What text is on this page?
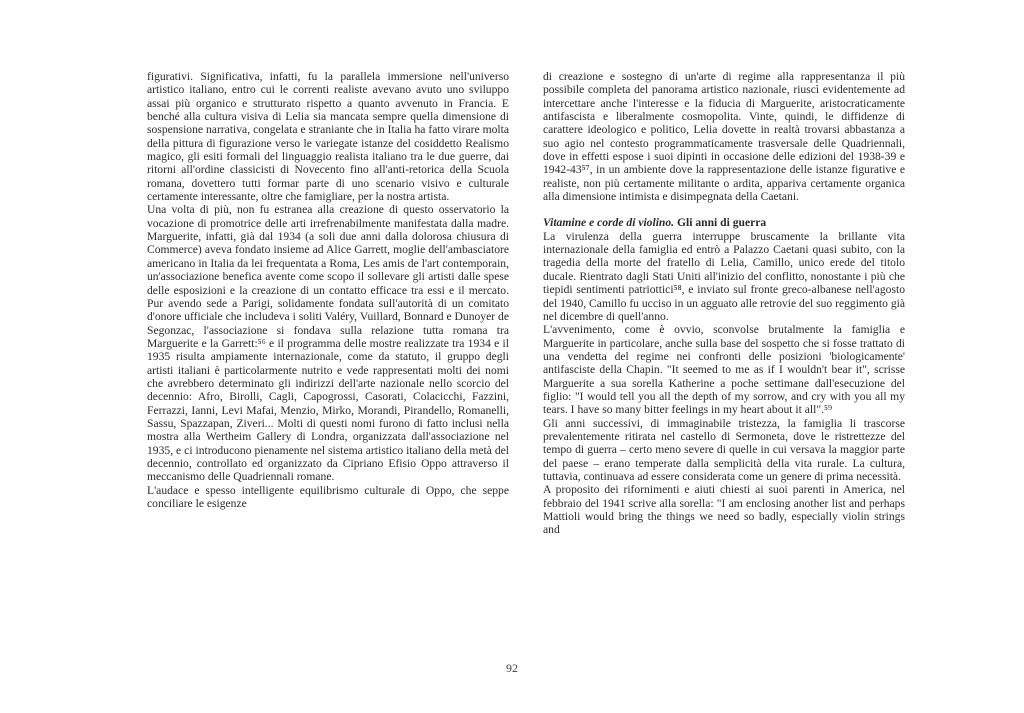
figurativi. Significativa, infatti, fu la parallela immersione nell'universo artistico italiano, entro cui le correnti realiste avevano avuto uno sviluppo assai più organico e strutturato rispetto a quanto avvenuto in Francia. E benché alla cultura visiva di Lelia sia mancata sempre quella dimensione di sospensione narrativa, congelata e straniante che in Italia ha fatto virare molta della pittura di figurazione verso le variegate istanze del cosiddetto Realismo magico, gli esiti formali del linguaggio realista italiano tra le due guerre, dai ritorni all'ordine classicisti di Novecento fino all'anti-retorica della Scuola romana, dovettero tutti formar parte di uno scenario visivo e culturale certamente interessante, oltre che famigliare, per la nostra artista.

Una volta di più, non fu estranea alla creazione di questo osservatorio la vocazione di promotrice delle arti irrefrenabilmente manifestata dalla madre. Marguerite, infatti, già dal 1934 (a soli due anni dalla dolorosa chiusura di Commerce) aveva fondato insieme ad Alice Garrett, moglie dell'ambasciatore americano in Italia da lei frequentata a Roma, Les amis de l'art contemporain, un'associazione benefica avente come scopo il sollevare gli artisti dalle spese delle esposizioni e la creazione di un contatto efficace tra essi e il mercato. Pur avendo sede a Parigi, solidamente fondata sull'autorità di un comitato d'onore ufficiale che includeva i soliti Valéry, Vuillard, Bonnard e Dunoyer de Segonzac, l'associazione si fondava sulla relazione tutta romana tra Marguerite e la Garrett:⁵⁶ e il programma delle mostre realizzate tra 1934 e il 1935 risulta ampiamente internazionale, come da statuto, il gruppo degli artisti italiani è particolarmente nutrito e vede rappresentati molti dei nomi che avrebbero determinato gli indirizzi dell'arte nazionale nello scorcio del decennio: Afro, Birolli, Cagli, Capogrossi, Casorati, Colacicchi, Fazzini, Ferrazzi, Ianni, Levi Mafai, Menzio, Mirko, Morandi, Pirandello, Romanelli, Sassu, Spazzapan, Ziveri... Molti di questi nomi furono di fatto inclusi nella mostra alla Wertheim Gallery di Londra, organizzata dall'associazione nel 1935, e ci introducono pienamente nel sistema artistico italiano della metà del decennio, controllato ed organizzato da Cipriano Efisio Oppo attraverso il meccanismo delle Quadriennali romane.

L'audace e spesso intelligente equilibrismo culturale di Oppo, che seppe conciliare le esigenze

di creazione e sostegno di un'arte di regime alla rappresentanza il più possibile completa del panorama artistico nazionale, riuscì evidentemente ad intercettare anche l'interesse e la fiducia di Marguerite, aristocraticamente antifascista e liberalmente cosmopolita. Vinte, quindi, le diffidenze di carattere ideologico e politico, Lelia dovette in realtà trovarsi abbastanza a suo agio nel contesto programmaticamente trasversale delle Quadriennali, dove in effetti espose i suoi dipinti in occasione delle edizioni del 1938-39 e 1942-43⁵⁷, in un ambiente dove la rappresentazione delle istanze figurative e realiste, non più certamente militante o ardita, appariva certamente organica alla dimensione intimista e disimpegnata della Caetani.

Vitamine e corde di violino. Gli anni di guerra

La virulenza della guerra interruppe bruscamente la brillante vita internazionale della famiglia ed entrò a Palazzo Caetani quasi subito, con la tragedia della morte del fratello di Lelia, Camillo, unico erede del titolo ducale. Rientrato dagli Stati Uniti all'inizio del conflitto, nonostante i più che tiepidi sentimenti patriottici⁵⁸, e inviato sul fronte greco-albanese nell'agosto del 1940, Camillo fu ucciso in un agguato alle retrovie del suo reggimento già nel dicembre di quell'anno.

L'avvenimento, come è ovvio, sconvolse brutalmente la famiglia e Marguerite in particolare, anche sulla base del sospetto che si fosse trattato di una vendetta del regime nei confronti delle posizioni 'biologicamente' antifasciste della Chapin. "It seemed to me as if I wouldn't bear it", scrisse Marguerite a sua sorella Katherine a poche settimane dall'esecuzione del figlio: "I would tell you all the depth of my sorrow, and cry with you all my tears. I have so many bitter feelings in my heart about it all".⁵⁹

Gli anni successivi, di immaginabile tristezza, la famiglia li trascorse prevalentemente ritirata nel castello di Sermoneta, dove le ristrettezze del tempo di guerra – certo meno severe di quelle in cui versava la maggior parte del paese – erano temperate dalla semplicità della vita rurale. La cultura, tuttavia, continuava ad essere considerata come un genere di prima necessità.

A proposito dei rifornimenti e aiuti chiesti ai suoi parenti in America, nel febbraio del 1941 scrive alla sorella: "I am enclosing another list and perhaps Mattioli would bring the things we need so badly, especially violin strings and

92
